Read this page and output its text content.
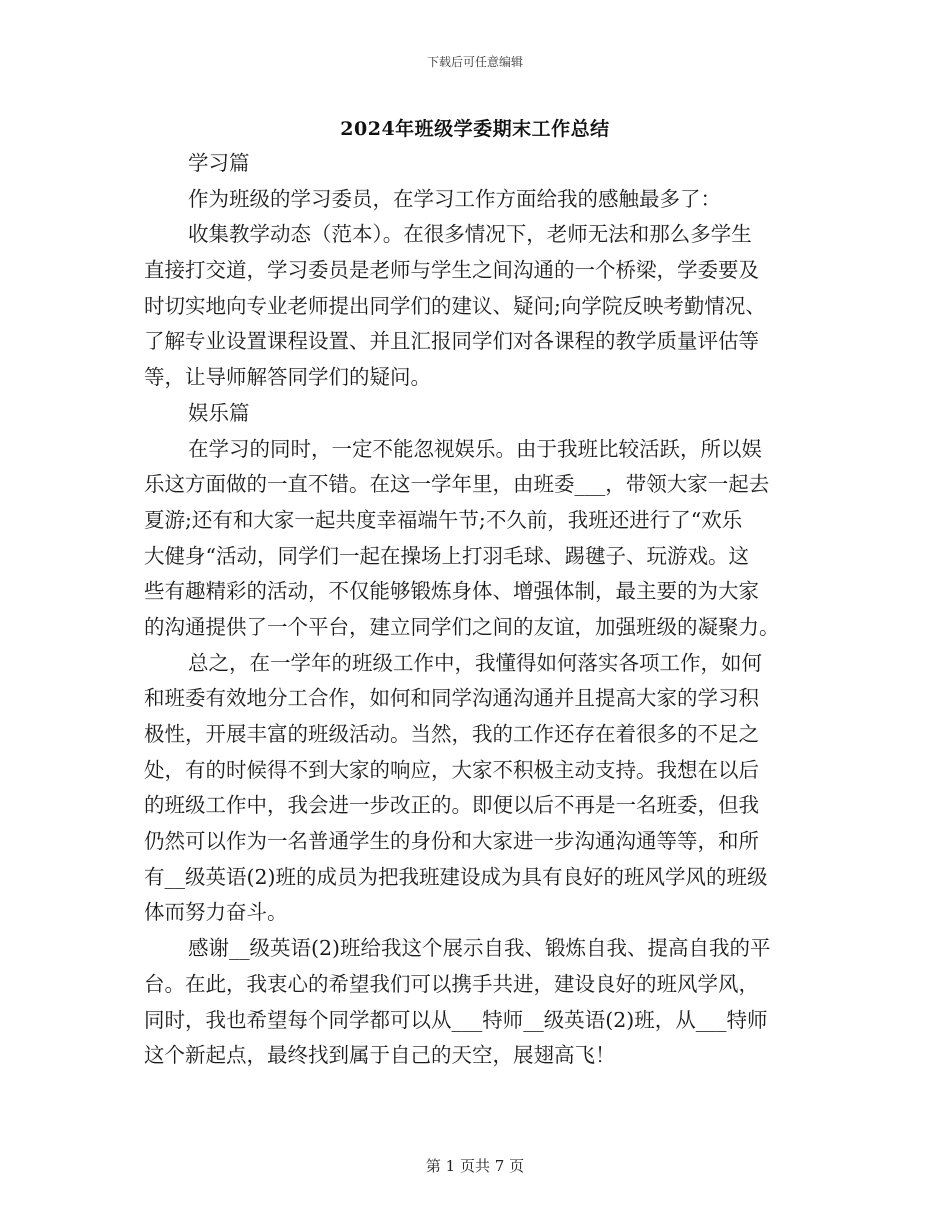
下载后可任意编辑
2024年班级学委期末工作总结
学习篇
作为班级的学习委员，在学习工作方面给我的感触最多了：
收集教学动态（范本）。在很多情况下，老师无法和那么多学生
直接打交道，学习委员是老师与学生之间沟通的一个桥梁，学委要及
时切实地向专业老师提出同学们的建议、疑问;向学院反映考勤情况、
了解专业设置课程设置、并且汇报同学们对各课程的教学质量评估等
等，让导师解答同学们的疑问。
娱乐篇
在学习的同时，一定不能忽视娱乐。由于我班比较活跃，所以娱
乐这方面做的一直不错。在这一学年里，由班委___，带领大家一起去
夏游;还有和大家一起共度幸福端午节;不久前，我班还进行了“欢乐
大健身“活动，同学们一起在操场上打羽毛球、踢毽子、玩游戏。这
些有趣精彩的活动，不仅能够锻炼身体、增强体制，最主要的为大家
的沟通提供了一个平台，建立同学们之间的友谊，加强班级的凝聚力。
总之，在一学年的班级工作中，我懂得如何落实各项工作，如何
和班委有效地分工合作，如何和同学沟通沟通并且提高大家的学习积
极性，开展丰富的班级活动。当然，我的工作还存在着很多的不足之
处，有的时候得不到大家的响应，大家不积极主动支持。我想在以后
的班级工作中，我会进一步改正的。即便以后不再是一名班委，但我
仍然可以作为一名普通学生的身份和大家进一步沟通沟通等等，和所
有__级英语(2)班的成员为把我班建设成为具有良好的班风学风的班级
体而努力奋斗。
感谢__级英语(2)班给我这个展示自我、锻炼自我、提高自我的平
台。在此，我衷心的希望我们可以携手共进，建设良好的班风学风，
同时，我也希望每个同学都可以从___特师__级英语(2)班，从___特师
这个新起点，最终找到属于自己的天空，展翅高飞！
第 1 页共 7 页
